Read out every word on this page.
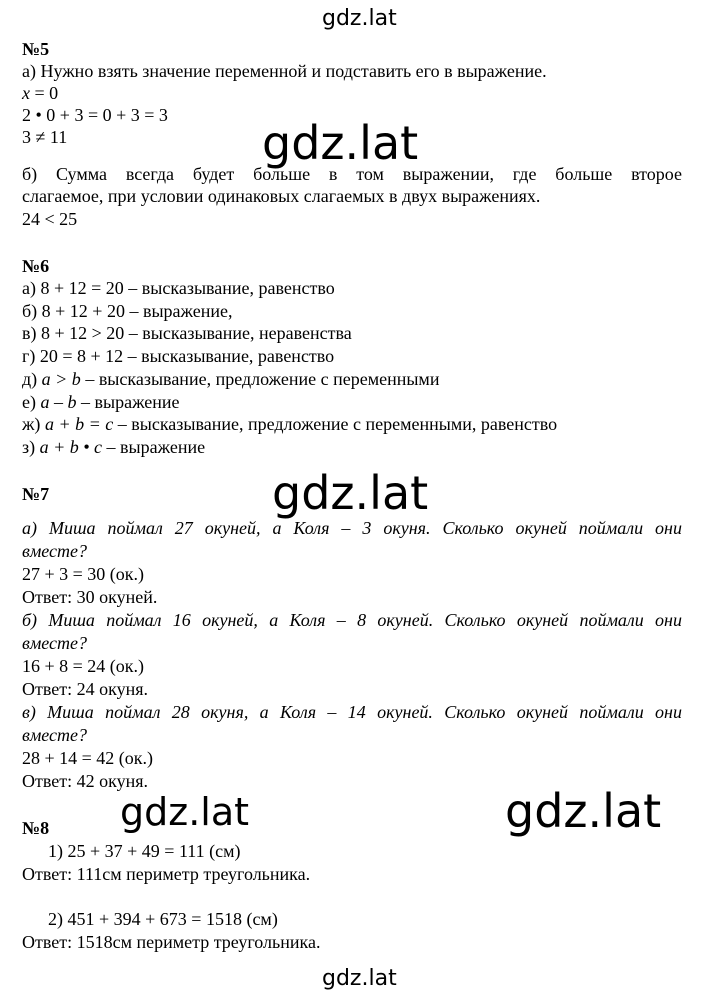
gdz.lat
gdz.lat
gdz.lat
gdz.lat	gdz.lat
gdz.lat
№5
а) Нужно взять значение переменной и подставить его в выражение.
x = 0
2 • 0 + 3 = 0 + 3 = 3
3 ≠ 11
б) Сумма всегда будет больше в том выражении, где больше второе
слагаемое, при условии одинаковых слагаемых в двух выражениях.
24 < 25
№6
а) 8 + 12 = 20 – высказывание, равенство
б) 8 + 12 + 20 – выражение,
в) 8 + 12 > 20 – высказывание, неравенства
г) 20 = 8 + 12 – высказывание, равенство
д) a > b – высказывание, предложение с переменными
е) a – b – выражение
ж) a + b = c – высказывание, предложение с переменными, равенство
з) a + b • c – выражение
№7
а) Миша поймал 27 окуней, а Коля – 3 окуня. Сколько окуней поймали они
вместе?
27 + 3 = 30 (ок.)
Ответ: 30 окуней.
б) Миша поймал 16 окуней, а Коля – 8 окуней. Сколько окуней поймали они
вместе?
16 + 8 = 24 (ок.)
Ответ: 24 окуня.
в) Миша поймал 28 окуня, а Коля – 14 окуней. Сколько окуней поймали они
вместе?
28 + 14 = 42 (ок.)
Ответ: 42 окуня.
№8
1) 25 + 37 + 49 = 111 (см)
Ответ: 111см периметр треугольника.
2) 451 + 394 + 673 = 1518 (см)
Ответ: 1518см периметр треугольника.
